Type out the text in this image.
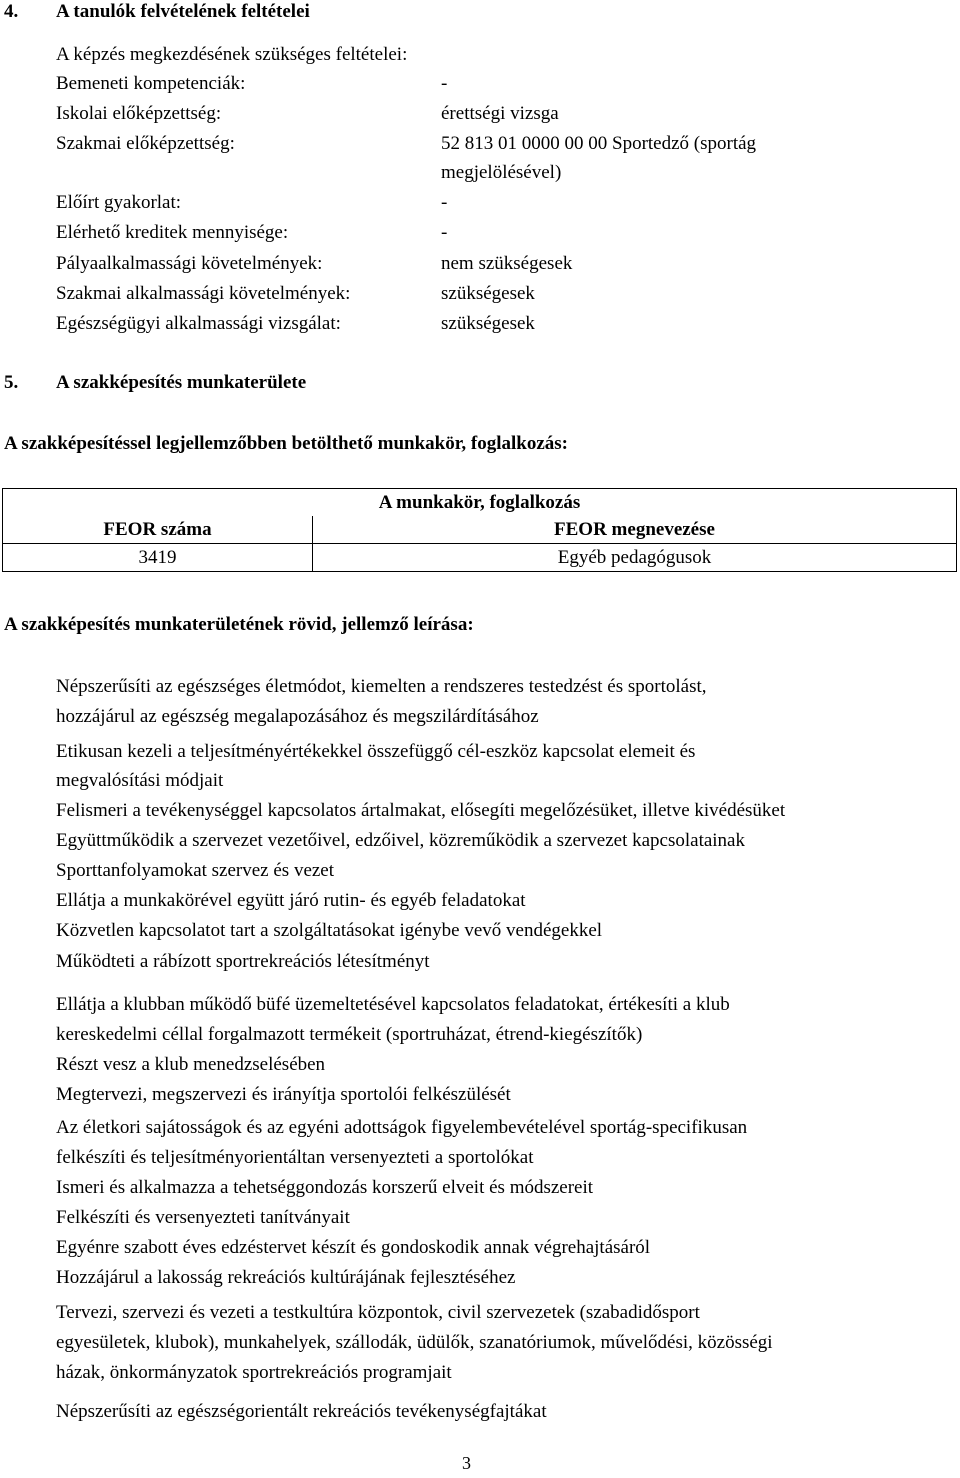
4. A tanulók felvételének feltételei
A képzés megkezdésének szükséges feltételei:
Bemeneti kompetenciák:	-
Iskolai előképzettség:	érettségi vizsga
Szakmai előképzettség:	52 813 01 0000 00 00 Sportedző (sportág
megjelölésével)
Előírt gyakorlat:	-
Elérhető kreditek mennyisége:	-
Pályaalkalmassági követelmények:	nem szükségesek
Szakmai alkalmassági követelmények:	szükségesek
Egészségügyi alkalmassági vizsgálat:	szükségesek
5. A szakképesítés munkaterülete
A szakképesítéssel legjellemzőbben betölthető munkakör, foglalkozás:
A munkakör, foglalkozás	
FEOR száma	FEOR megnevezése
3419	Egyéb pedagógusok
A szakképesítés munkaterületének rövid, jellemző leírása:
Népszerűsíti az egészséges életmódot, kiemelten a rendszeres testedzést és sportolást,
hozzájárul az egészség megalapozásához és megszilárdításához
Etikusan kezeli a teljesítményértékekkel összefüggő cél-eszköz kapcsolat elemeit és
megvalósítási módjait
Felismeri a tevékenységgel kapcsolatos ártalmakat, elősegíti megelőzésüket, illetve kivédésüket
Együttműködik a szervezet vezetőivel, edzőivel, közreműködik a szervezet kapcsolatainak
Sporttanfolyamokat szervez és vezet
Ellátja a munkakörével együtt járó rutin- és egyéb feladatokat
Közvetlen kapcsolatot tart a szolgáltatásokat igénybe vevő vendégekkel
Működteti a rábízott sportrekreációs létesítményt
Ellátja a klubban működő büfé üzemeltetésével kapcsolatos feladatokat, értékesíti a klub
kereskedelmi céllal forgalmazott termékeit (sportruházat, étrend-kiegészítők)
Részt vesz a klub menedzselésében
Megtervezi, megszervezi és irányítja sportolói felkészülését
Az életkori sajátosságok és az egyéni adottságok figyelembevételével sportág-specifikusan
felkészíti és teljesítményorientáltan versenyezteti a sportolókat
Ismeri és alkalmazza a tehetséggondozás korszerű elveit és módszereit
Felkészíti és versenyezteti tanítványait
Egyénre szabott éves edzéstervet készít és gondoskodik annak végrehajtásáról
Hozzájárul a lakosság rekreációs kultúrájának fejlesztéséhez
Tervezi, szervezi és vezeti a testkultúra központok, civil szervezetek (szabadidősport
egyesületek, klubok), munkahelyek, szállodák, üdülők, szanatóriumok, művelődési, közösségi
házak, önkormányzatok sportrekreációs programjait
Népszerűsíti az egészségorientált rekreációs tevékenységfajtákat
3
